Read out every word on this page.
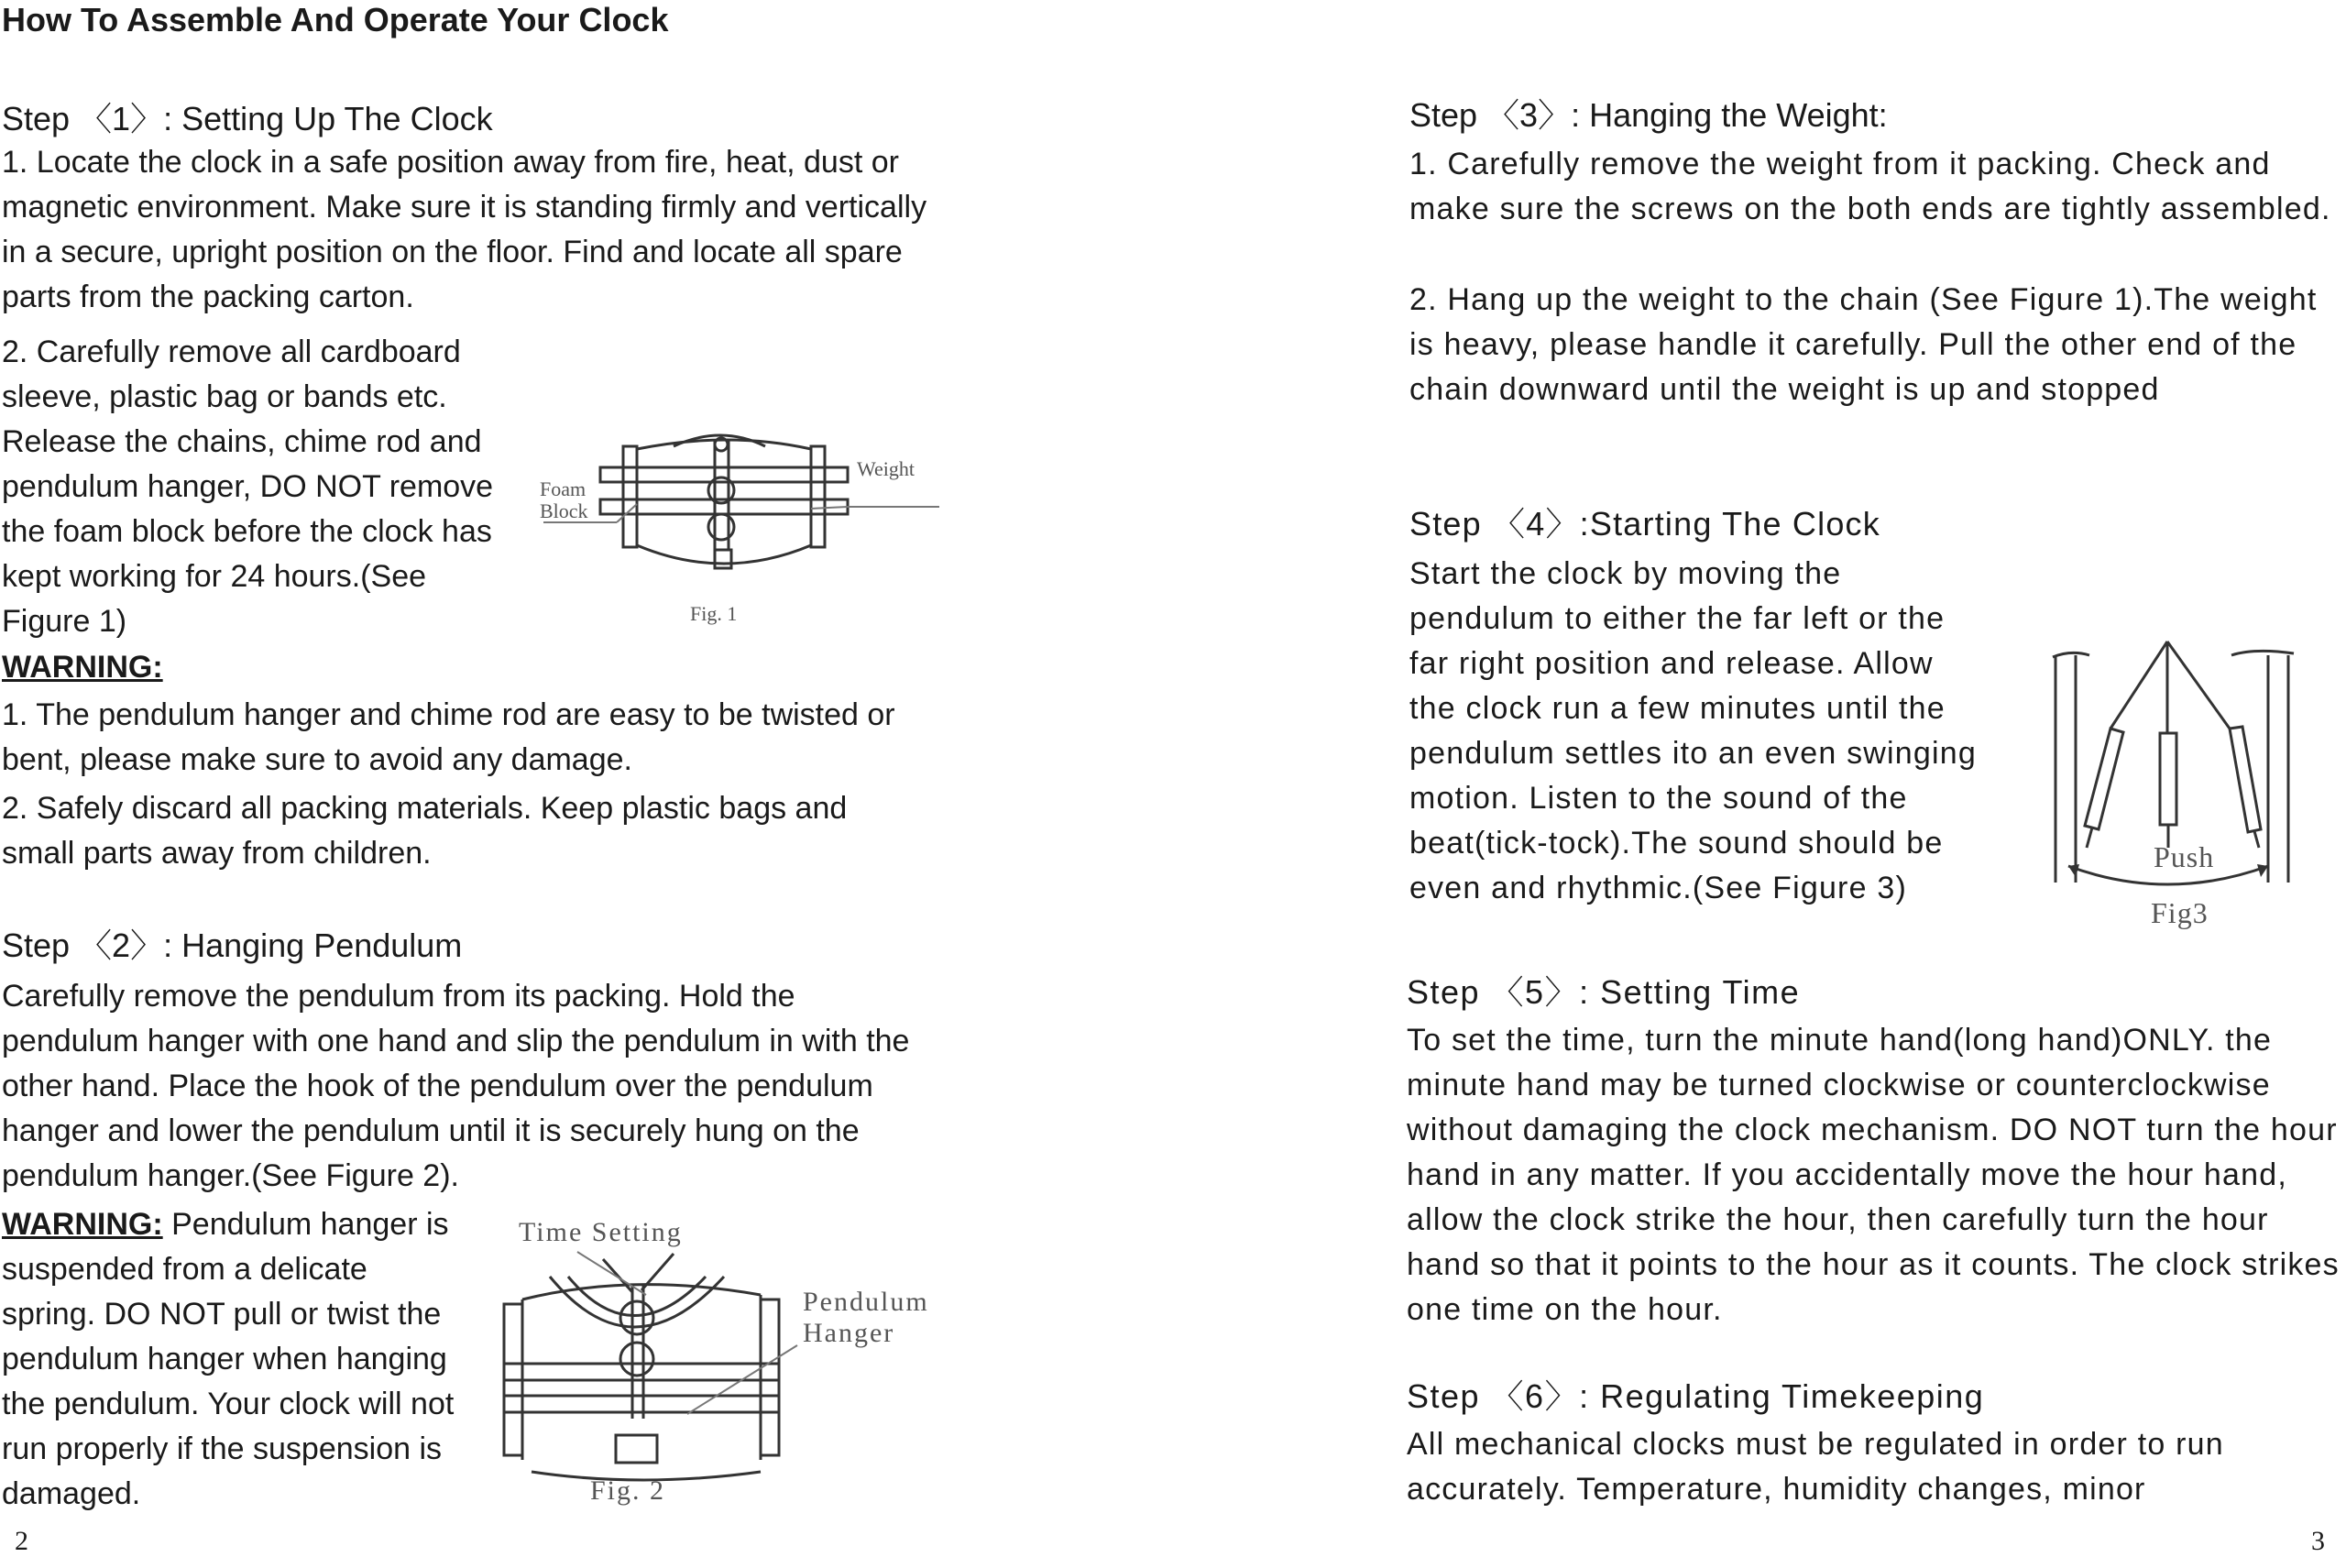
How To Assemble And Operate Your Clock
Step 〈1〉: Setting Up The Clock

1. Locate the clock in a safe position away from fire, heat, dust or magnetic environment. Make sure it is standing firmly and vertically in a secure, upright position on the floor. Find and locate all spare parts from the packing carton.

2. Carefully remove all cardboard sleeve, plastic bag or bands etc. Release the chains, chime rod and pendulum hanger, DO NOT remove the foam block before the clock has kept working for 24 hours.(See Figure 1)

Foam
Block
Weight
Fig. 1
WARNING:

1. The pendulum hanger and chime rod are easy to be twisted or bent, please make sure to avoid any damage.

2. Safely discard all packing materials. Keep plastic bags and small parts away from children.

Step 〈2〉: Hanging Pendulum

Carefully remove the pendulum from its packing. Hold the pendulum hanger with one hand and slip the pendulum in with the other hand. Place the hook of the pendulum over the pendulum hanger and lower the pendulum until it is securely hung on the pendulum hanger.(See Figure 2).

WARNING: Pendulum hanger is suspended from a delicate spring. DO NOT pull or twist the pendulum hanger when hanging the pendulum. Your clock will not run properly if the suspension is damaged.

Time Setting
Pendulum
Hanger
Fig. 2
2
Step 〈3〉: Hanging the Weight:

1. Carefully remove the weight from it packing. Check and make sure the screws on the both ends are tightly assembled.

2. Hang up the weight to the chain (See Figure 1).The weight is heavy, please handle it carefully. Pull the other end of the chain downward until the weight is up and stopped

Step 〈4〉:Starting The Clock

Start the clock by moving the pendulum to either the far left or the far right position and release. Allow the clock run a few minutes until the pendulum settles ito an even swinging motion. Listen to the sound of the beat(tick-tock).The sound should be even and rhythmic.(See Figure 3)

Push
Fig3
Step 〈5〉: Setting Time

To set the time, turn the minute hand(long hand)ONLY. the minute hand may be turned clockwise or counterclockwise without damaging the clock mechanism. DO NOT turn the hour hand in any matter. If you accidentally move the hour hand, allow the clock strike the hour, then carefully turn the hour hand so that it points to the hour as it counts. The clock strikes one time on the hour.

Step 〈6〉: Regulating Timekeeping

All mechanical clocks must be regulated in order to run accurately. Temperature, humidity changes, minor

3
